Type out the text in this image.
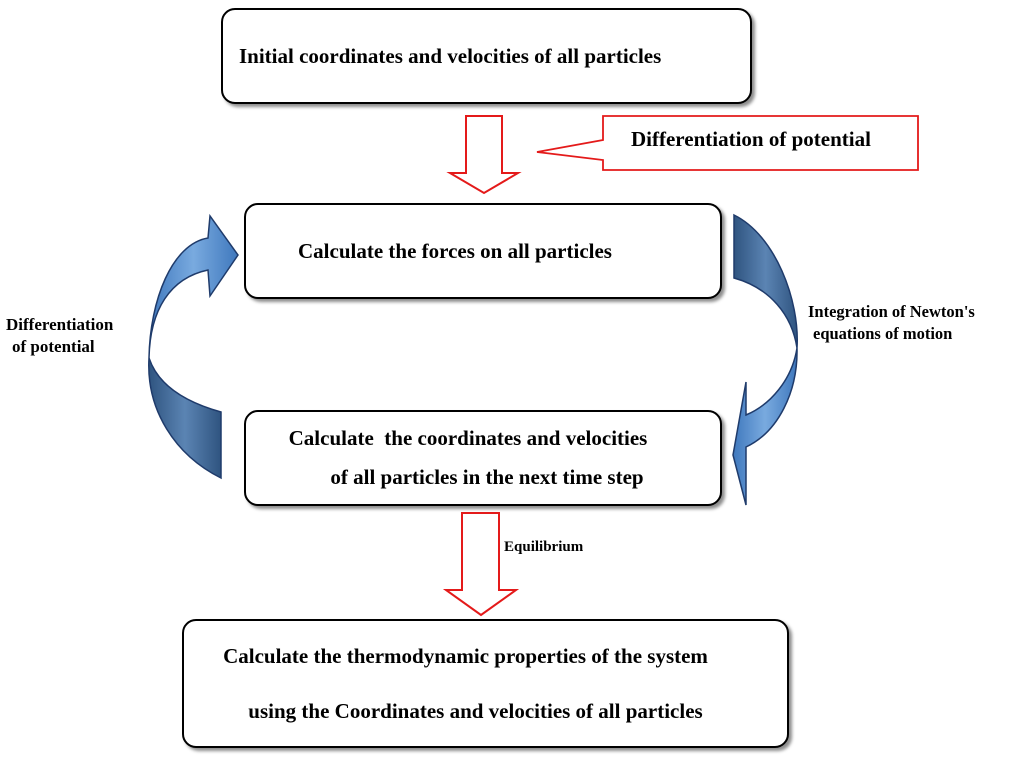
Initial coordinates and velocities of all particles
Calculate the forces on all particles
Calculate  the coordinates and velocities
of all particles in the next time step
Calculate the thermodynamic properties of the system
using the Coordinates and velocities of all particles
Differentiation of potential
Differentiation
of potential
Integration of Newton's
equations of motion
Equilibrium
